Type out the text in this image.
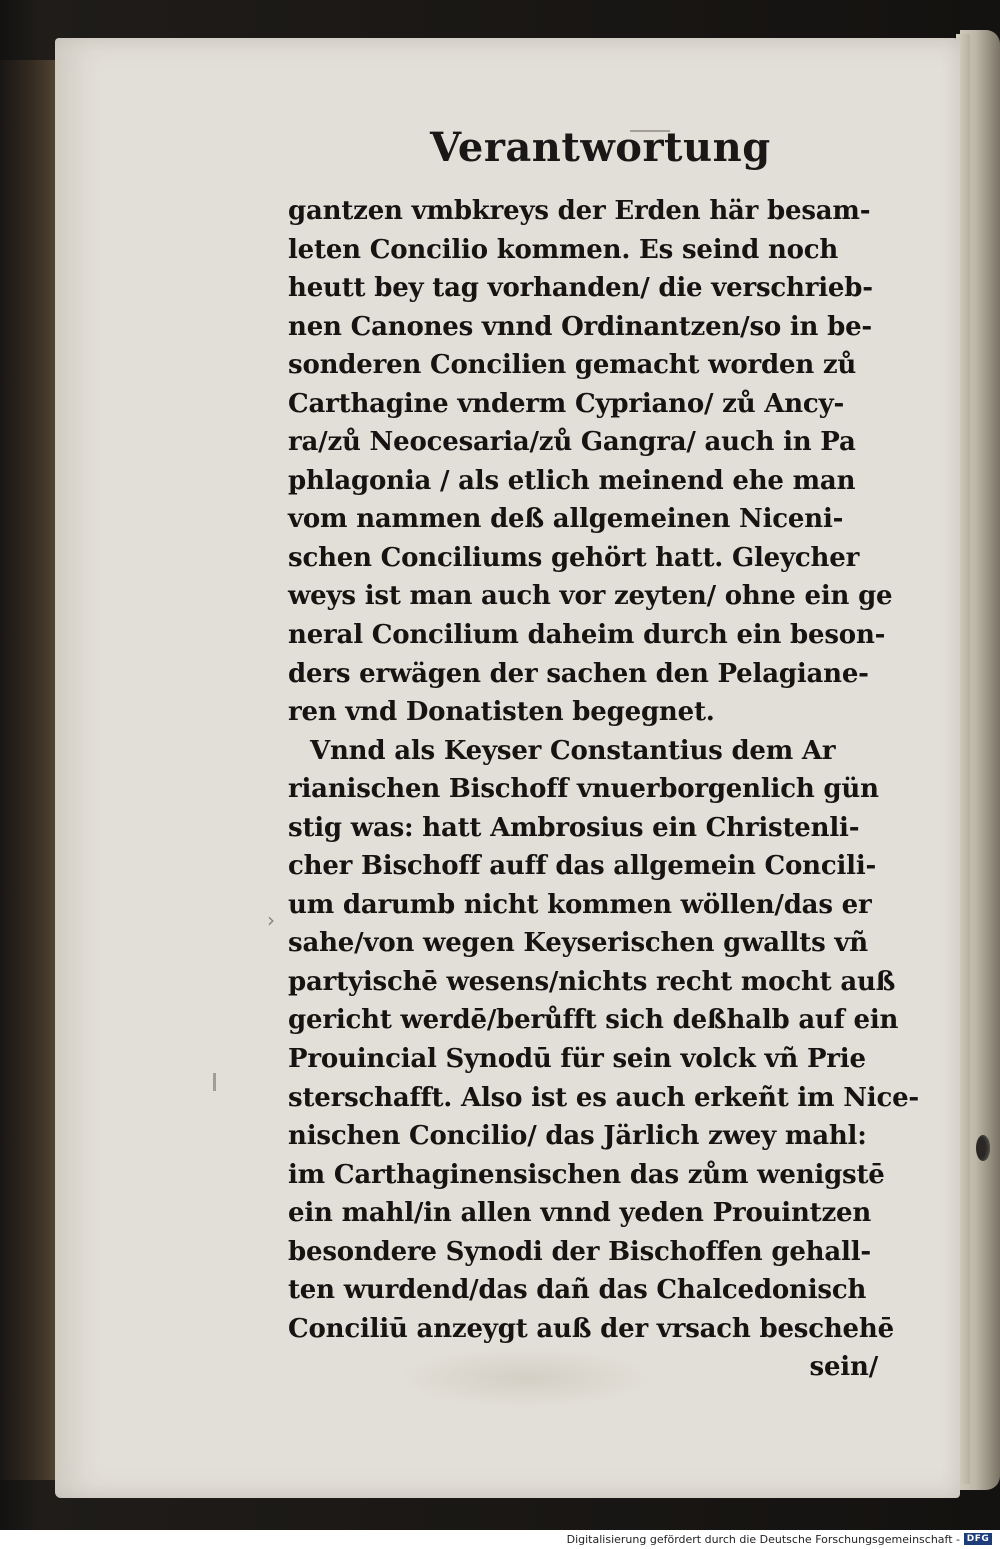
›
Verantwortung
gantzen vmbkreys der Erden här besam-
leten Concilio kommen. Es seind noch
heutt bey tag vorhanden/ die verschrieb-
nen Canones vnnd Ordinantzen/so in be-
sonderen Concilien gemacht worden zů
Carthagine vnderm Cypriano/ zů Ancy-
ra/zů Neocesaria/zů Gangra/ auch in Pa
phlagonia / als etlich meinend ehe man
vom nammen deß allgemeinen Niceni-
schen Conciliums gehört hatt. Gleycher
weys ist man auch vor zeyten/ ohne ein ge
neral Concilium daheim durch ein beson-
ders erwägen der sachen den Pelagiane-
ren vnd Donatisten begegnet.
Vnnd als Keyser Constantius dem Ar
rianischen Bischoff vnuerborgenlich gün
stig was: hatt Ambrosius ein Christenli-
cher Bischoff auff das allgemein Concili-
um darumb nicht kommen wöllen/das er
sahe/von wegen Keyserischen gwallts vñ
partyischē wesens/nichts recht mocht auß
gericht werdē/berůfft sich deßhalb auf ein
Prouincial Synodū für sein volck vñ Prie
sterschafft. Also ist es auch erkeñt im Nice-
nischen Concilio/ das Järlich zwey mahl:
im Carthaginensischen das zům wenigstē
ein mahl/in allen vnnd yeden Prouintzen
besondere Synodi der Bischoffen gehall-
ten wurdend/das dañ das Chalcedonisch
Conciliū anzeygt auß der vrsach beschehē
sein/
Digitalisierung gefördert durch die Deutsche Forschungsgemeinschaft - DFG
